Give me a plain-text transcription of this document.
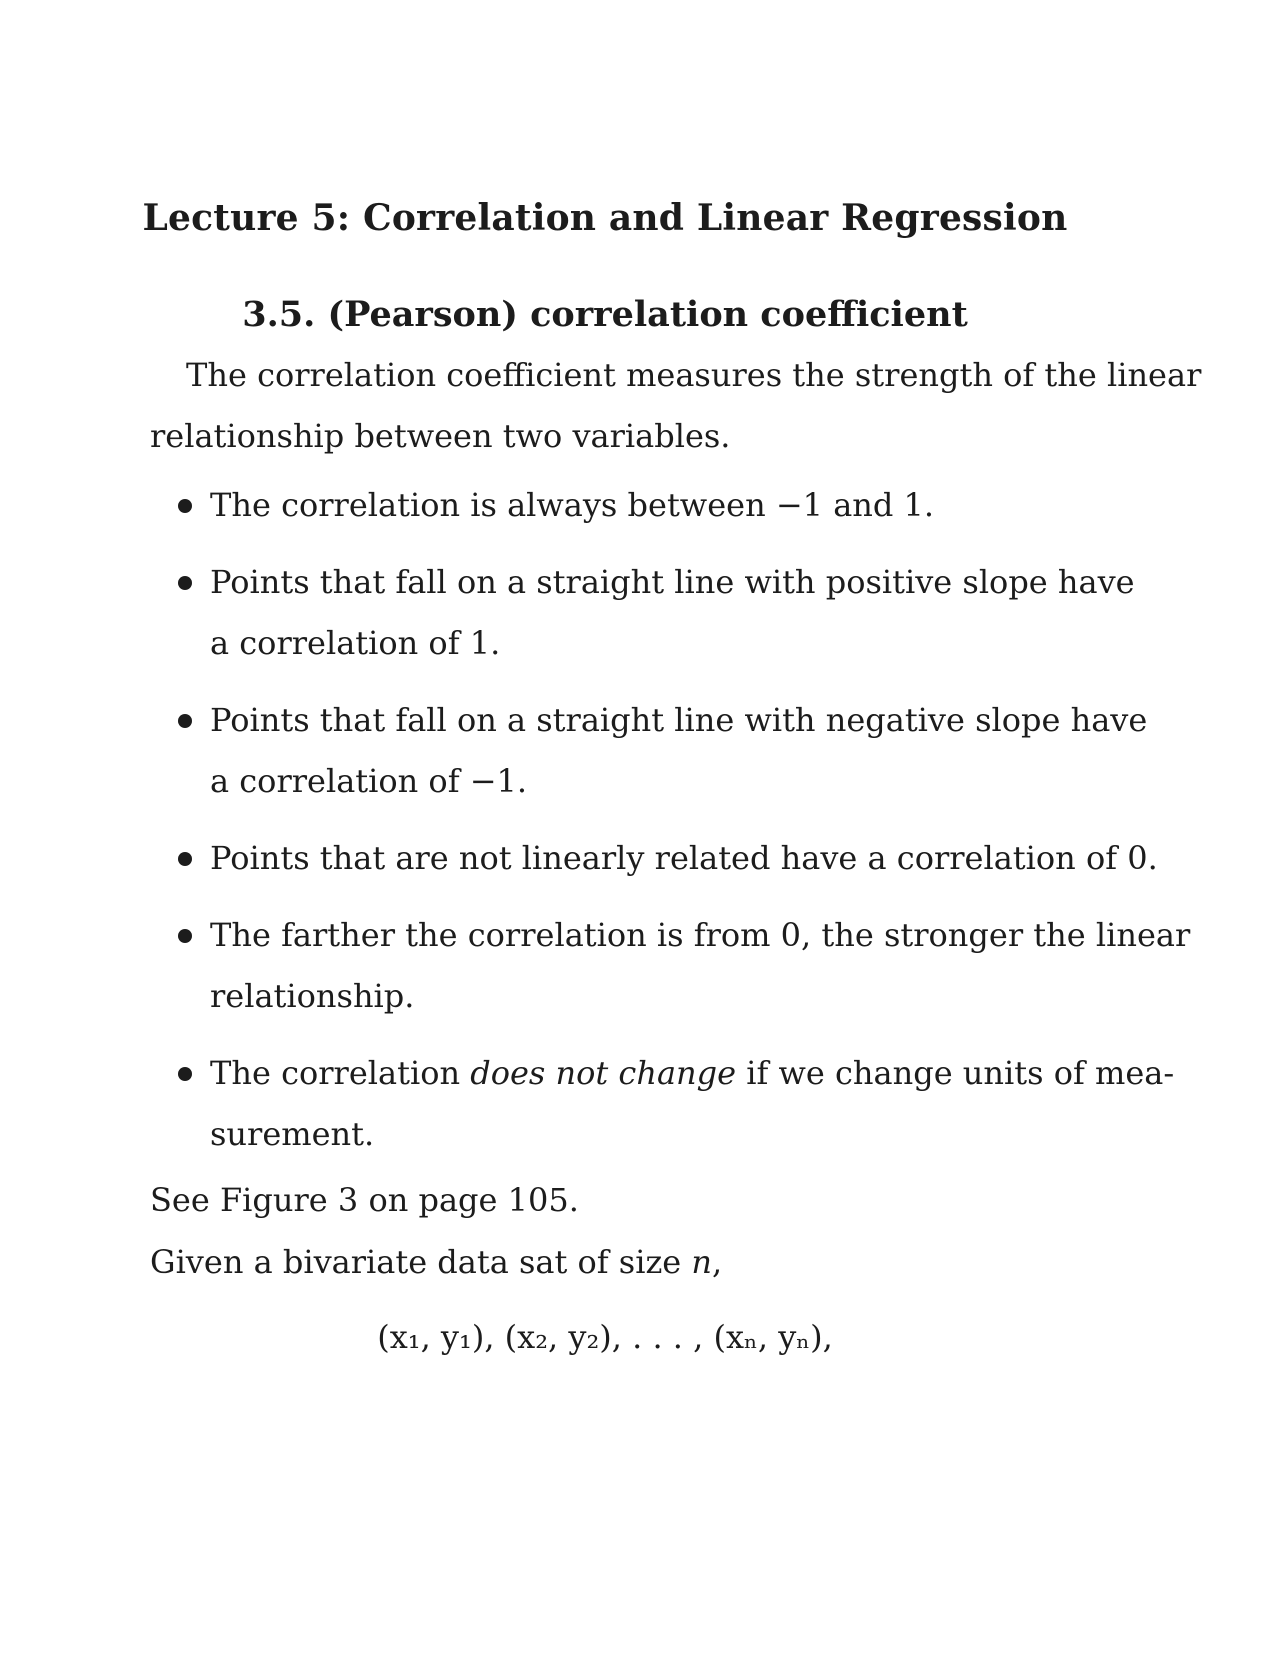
Lecture 5: Correlation and Linear Regression
3.5. (Pearson) correlation coefficient
The correlation coefficient measures the strength of the linear
relationship between two variables.
The correlation is always between −1 and 1.
Points that fall on a straight line with positive slope have
a correlation of 1.
Points that fall on a straight line with negative slope have
a correlation of −1.
Points that are not linearly related have a correlation of 0.
The farther the correlation is from 0, the stronger the linear
relationship.
The correlation does not change if we change units of mea-
surement.
See Figure 3 on page 105.
Given a bivariate data sat of size n,
(x₁, y₁), (x₂, y₂), . . . , (xₙ, yₙ),
